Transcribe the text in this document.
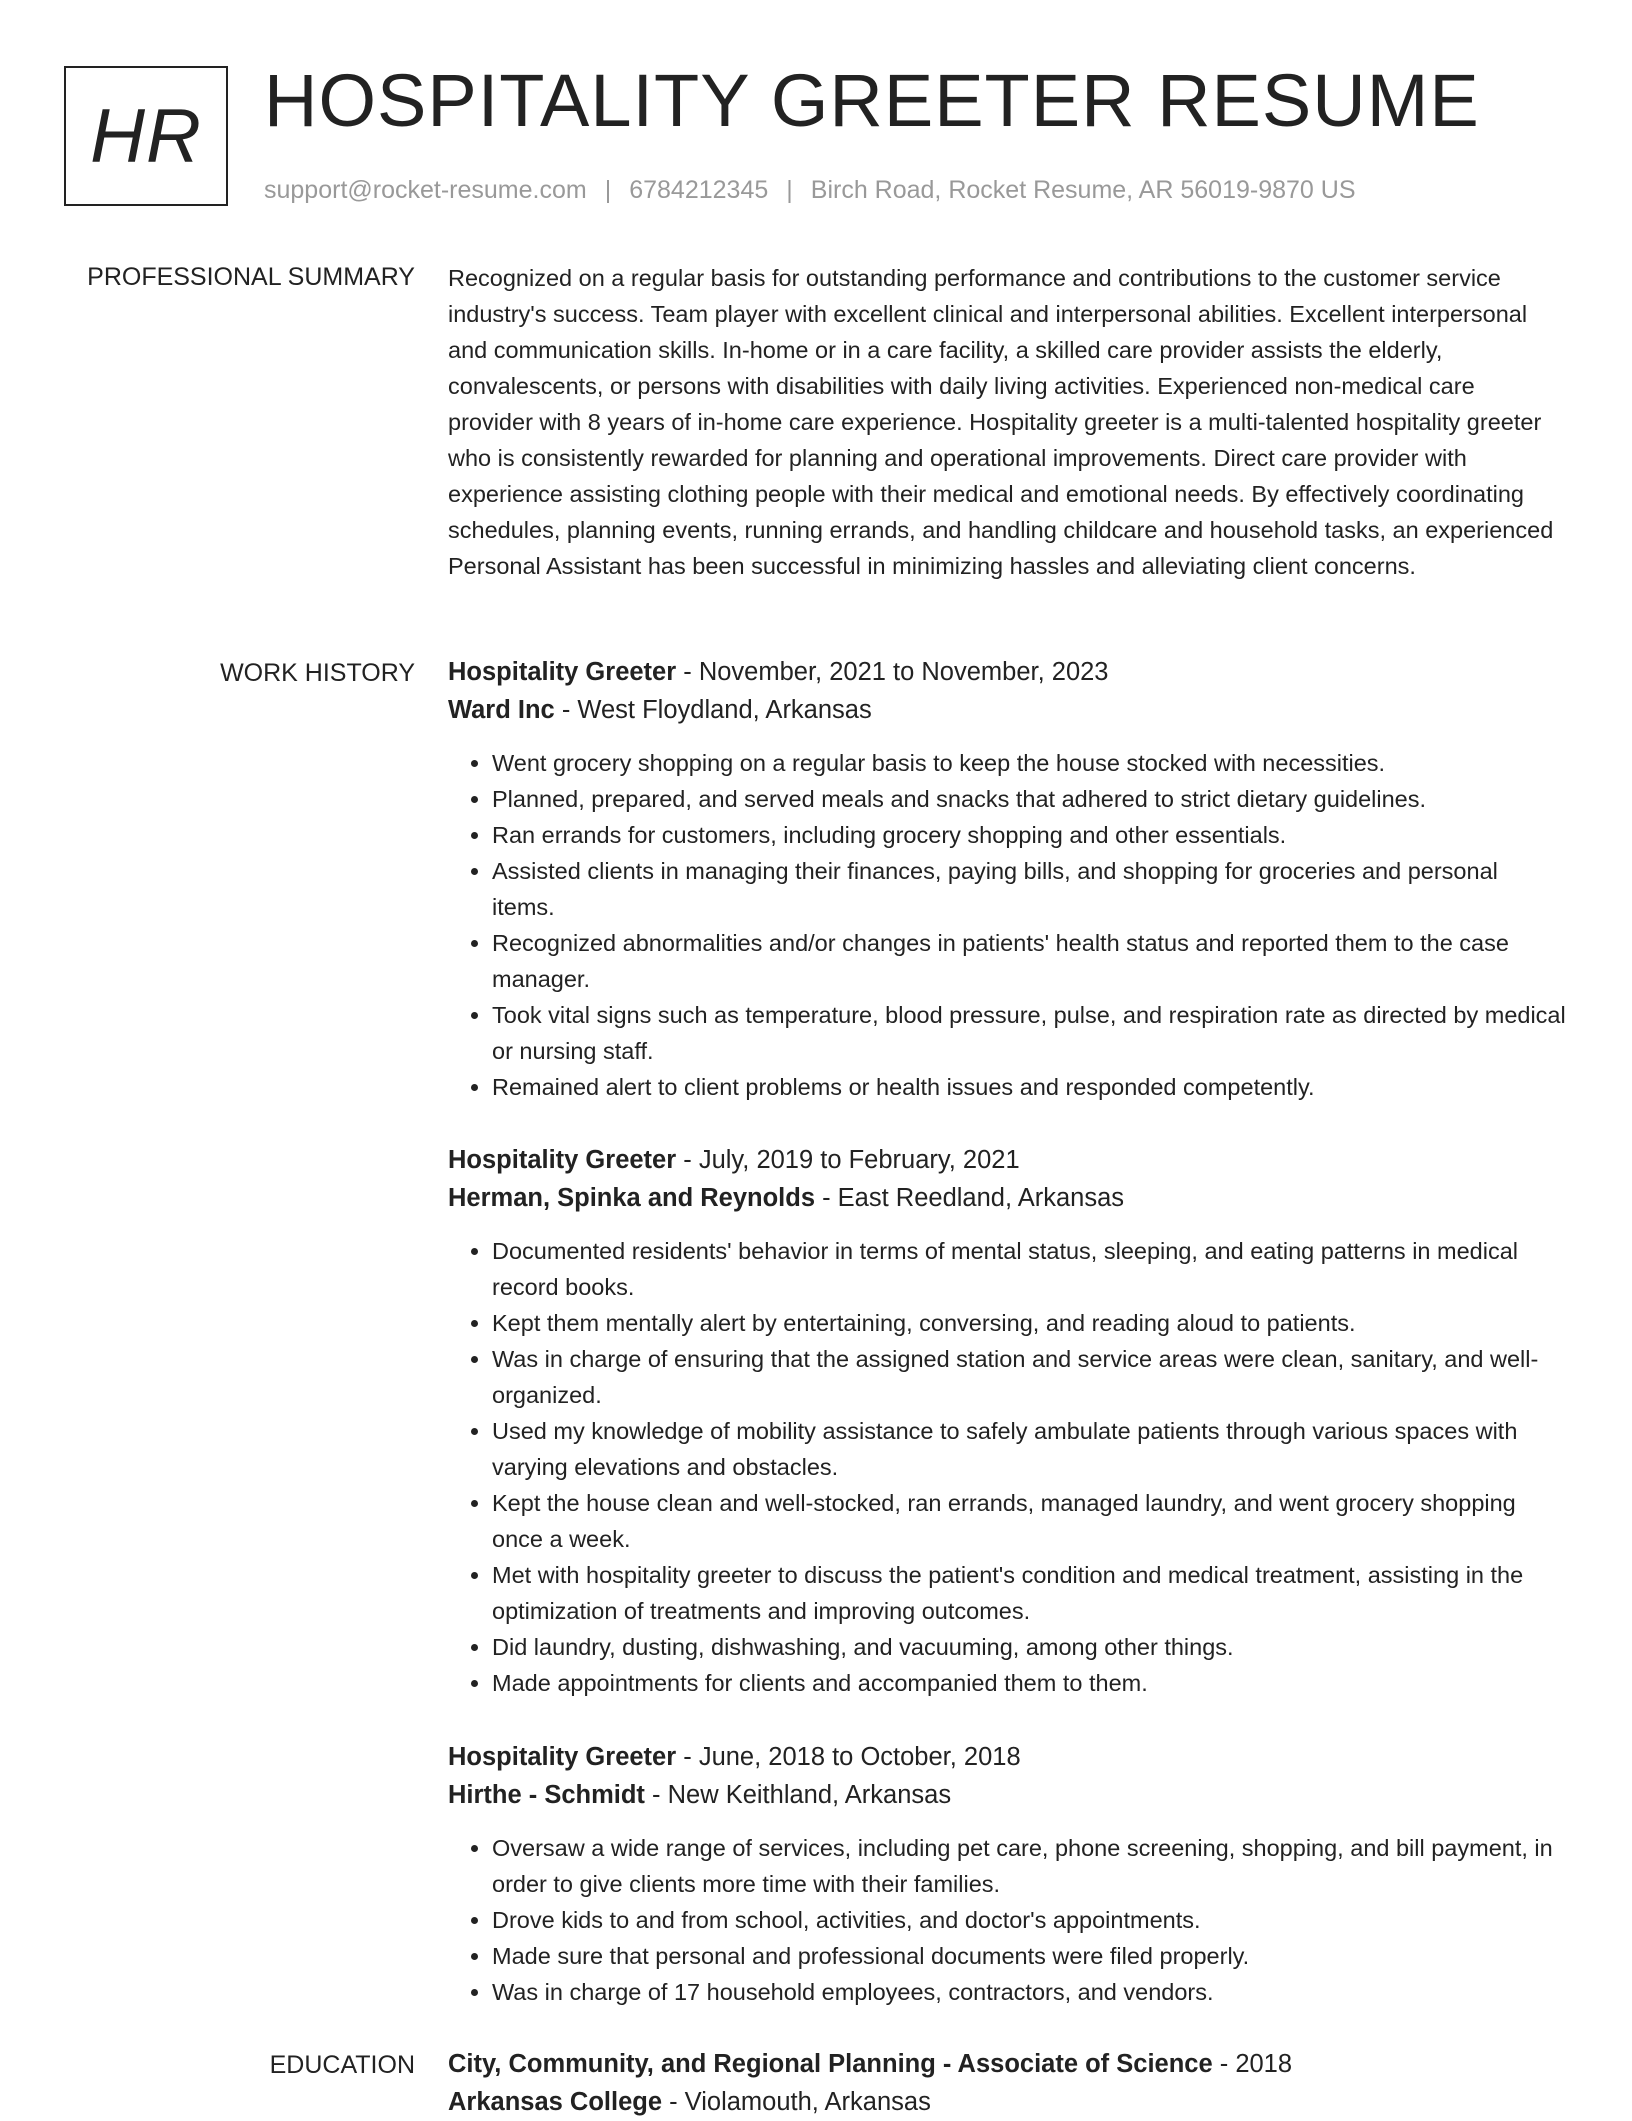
HR HOSPITALITY GREETER RESUME
support@rocket-resume.com | 6784212345 | Birch Road, Rocket Resume, AR 56019-9870 US
PROFESSIONAL SUMMARY Recognized on a regular basis for outstanding performance and contributions to the customer service industry's success. Team player with excellent clinical and interpersonal abilities. Excellent interpersonal and communication skills. In-home or in a care facility, a skilled care provider assists the elderly, convalescents, or persons with disabilities with daily living activities. Experienced non-medical care provider with 8 years of in-home care experience. Hospitality greeter is a multi-talented hospitality greeter who is consistently rewarded for planning and operational improvements. Direct care provider with experience assisting clothing people with their medical and emotional needs. By effectively coordinating schedules, planning events, running errands, and handling childcare and household tasks, an experienced Personal Assistant has been successful in minimizing hassles and alleviating client concerns.

WORK HISTORY Hospitality Greeter - November, 2021 to November, 2023

Ward Inc - West Floydland, Arkansas

• Went grocery shopping on a regular basis to keep the house stocked with necessities.
• Planned, prepared, and served meals and snacks that adhered to strict dietary guidelines.
• Ran errands for customers, including grocery shopping and other essentials.
• Assisted clients in managing their finances, paying bills, and shopping for groceries and personal items.
• Recognized abnormalities and/or changes in patients' health status and reported them to the case manager.
• Took vital signs such as temperature, blood pressure, pulse, and respiration rate as directed by medical or nursing staff.
• Remained alert to client problems or health issues and responded competently.

Hospitality Greeter - July, 2019 to February, 2021

Herman, Spinka and Reynolds - East Reedland, Arkansas

• Documented residents' behavior in terms of mental status, sleeping, and eating patterns in medical record books.
• Kept them mentally alert by entertaining, conversing, and reading aloud to patients.
• Was in charge of ensuring that the assigned station and service areas were clean, sanitary, and well-organized.
• Used my knowledge of mobility assistance to safely ambulate patients through various spaces with varying elevations and obstacles.
• Kept the house clean and well-stocked, ran errands, managed laundry, and went grocery shopping once a week.
• Met with hospitality greeter to discuss the patient's condition and medical treatment, assisting in the optimization of treatments and improving outcomes.
• Did laundry, dusting, dishwashing, and vacuuming, among other things.
• Made appointments for clients and accompanied them to them.

Hospitality Greeter - June, 2018 to October, 2018

Hirthe - Schmidt - New Keithland, Arkansas

• Oversaw a wide range of services, including pet care, phone screening, shopping, and bill payment, in order to give clients more time with their families.
• Drove kids to and from school, activities, and doctor's appointments.
• Made sure that personal and professional documents were filed properly.
• Was in charge of 17 household employees, contractors, and vendors.
EDUCATION City, Community, and Regional Planning - Associate of Science - 2018

Arkansas College - Violamouth, Arkansas
